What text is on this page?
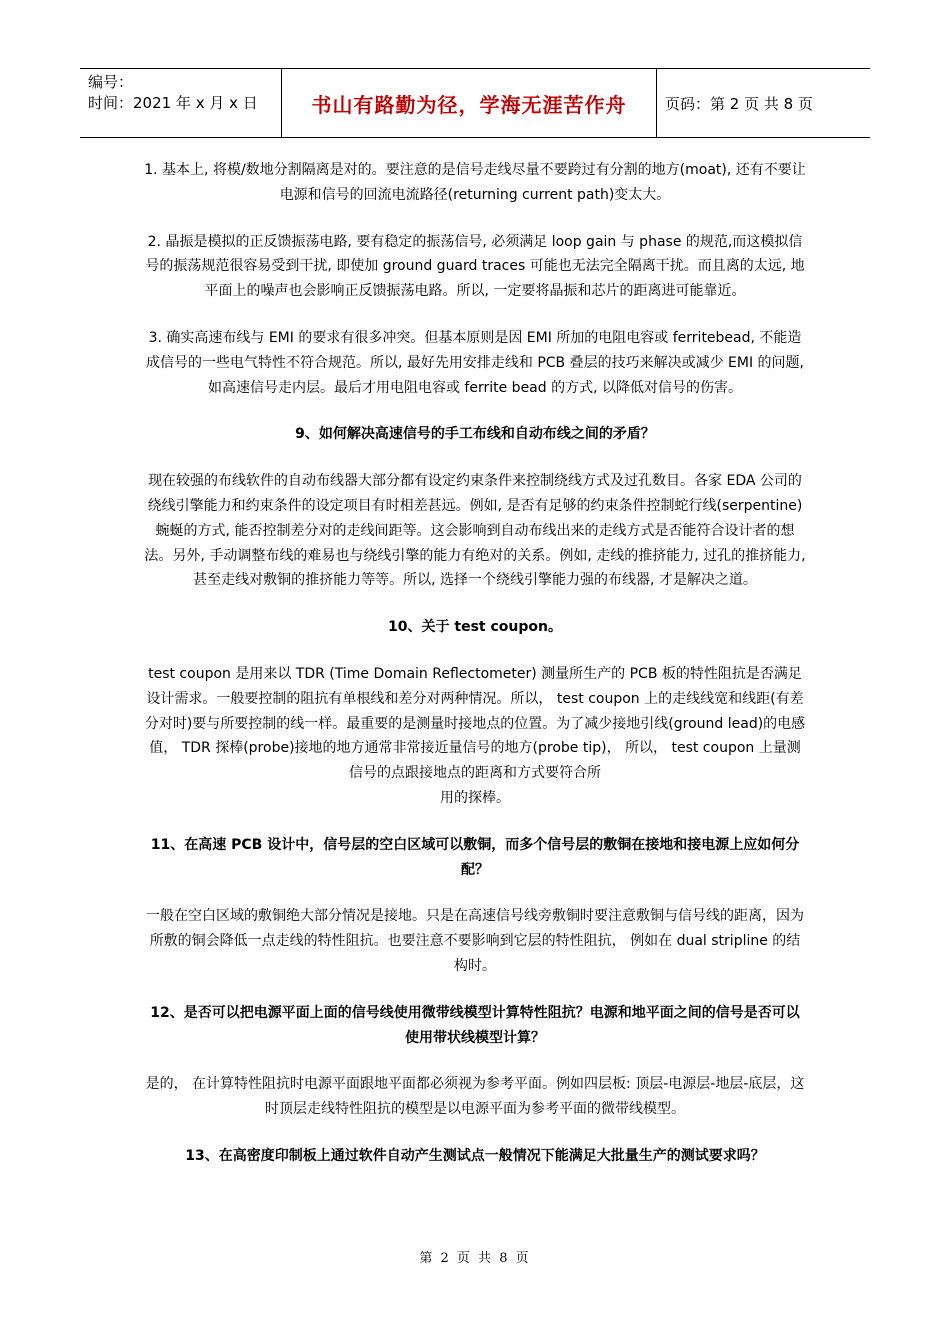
编号：
时间：2021 年 x 月 x 日	书山有路勤为径，学海无涯苦作舟	页码：第 2 页 共 8 页

1. 基本上, 将模/数地分割隔离是对的。要注意的是信号走线尽量不要跨过有分割的地方(moat), 还有不要让电源和信号的回流电流路径(returning current path)变太大。

2. 晶振是模拟的正反馈振荡电路, 要有稳定的振荡信号, 必须满足 loop gain 与 phase 的规范,而这模拟信号的振荡规范很容易受到干扰, 即使加 ground guard traces 可能也无法完全隔离干扰。而且离的太远, 地平面上的噪声也会影响正反馈振荡电路。所以, 一定要将晶振和芯片的距离进可能靠近。

3. 确实高速布线与 EMI 的要求有很多冲突。但基本原则是因 EMI 所加的电阻电容或 ferritebead, 不能造成信号的一些电气特性不符合规范。所以, 最好先用安排走线和 PCB 叠层的技巧来解决或减少 EMI 的问题, 如高速信号走内层。最后才用电阻电容或 ferrite bead 的方式, 以降低对信号的伤害。

9、如何解决高速信号的手工布线和自动布线之间的矛盾？

现在较强的布线软件的自动布线器大部分都有设定约束条件来控制绕线方式及过孔数目。各家 EDA 公司的绕线引擎能力和约束条件的设定项目有时相差甚远。例如, 是否有足够的约束条件控制蛇行线(serpentine)蜿蜒的方式, 能否控制差分对的走线间距等。这会影响到自动布线出来的走线方式是否能符合设计者的想法。另外, 手动调整布线的难易也与绕线引擎的能力有绝对的关系。例如, 走线的推挤能力, 过孔的推挤能力, 甚至走线对敷铜的推挤能力等等。所以, 选择一个绕线引擎能力强的布线器, 才是解决之道。

10、关于 test coupon。

test coupon 是用来以 TDR (Time Domain Reflectometer) 测量所生产的 PCB 板的特性阻抗是否满足设计需求。一般要控制的阻抗有单根线和差分对两种情况。所以， test coupon 上的走线线宽和线距(有差分对时)要与所要控制的线一样。最重要的是测量时接地点的位置。为了减少接地引线(ground lead)的电感值， TDR 探棒(probe)接地的地方通常非常接近量信号的地方(probe tip)， 所以， test coupon 上量测信号的点跟接地点的距离和方式要符合所
用的探棒。

11、在高速 PCB 设计中，信号层的空白区域可以敷铜，而多个信号层的敷铜在接地和接电源上应如何分配？

一般在空白区域的敷铜绝大部分情况是接地。只是在高速信号线旁敷铜时要注意敷铜与信号线的距离，因为所敷的铜会降低一点走线的特性阻抗。也要注意不要影响到它层的特性阻抗， 例如在 dual stripline 的结构时。

12、是否可以把电源平面上面的信号线使用微带线模型计算特性阻抗？电源和地平面之间的信号是否可以使用带状线模型计算？

是的， 在计算特性阻抗时电源平面跟地平面都必须视为参考平面。例如四层板: 顶层-电源层-地层-底层，这时顶层走线特性阻抗的模型是以电源平面为参考平面的微带线模型。

13、在高密度印制板上通过软件自动产生测试点一般情况下能满足大批量生产的测试要求吗？

第 2 页 共 8 页
